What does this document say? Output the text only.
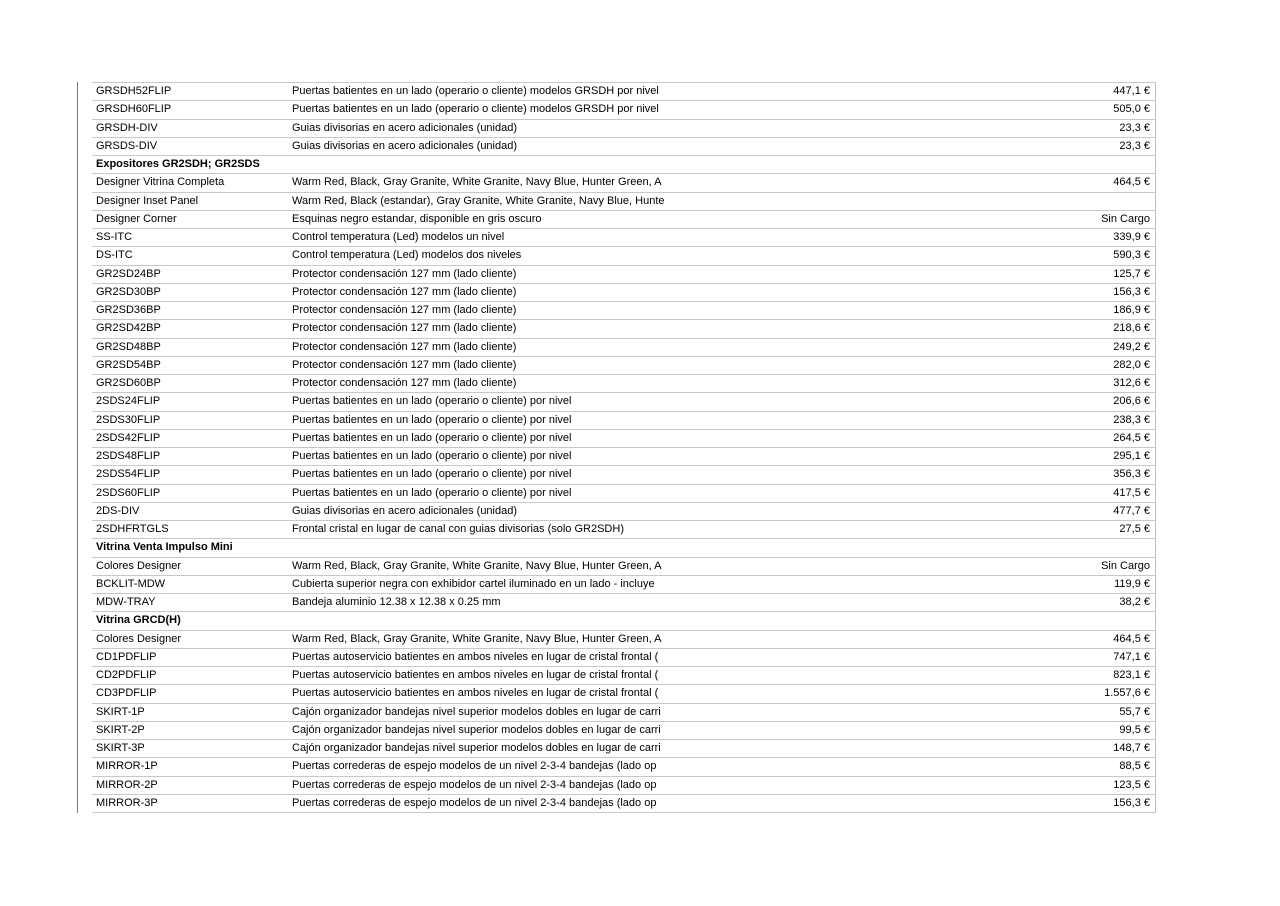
GRSDH52FLIP	Puertas batientes en un lado (operario o cliente) modelos GRSDH por nivel	447,1 €
GRSDH60FLIP	Puertas batientes en un lado (operario o cliente) modelos GRSDH por nivel	505,0 €
GRSDH-DIV	Guias divisorias en acero adicionales (unidad)	23,3 €
GRSDS-DIV	Guias divisorias en acero adicionales (unidad)	23,3 €
Expositores GR2SDH; GR2SDS		
Designer Vitrina Completa	Warm Red, Black, Gray Granite, White Granite, Navy Blue, Hunter Green, A	464,5 €
Designer Inset Panel	Warm Red, Black (estandar), Gray Granite, White Granite, Navy Blue, Hunte	
Designer Corner	Esquinas negro estandar, disponible en gris oscuro	Sin Cargo
SS-ITC	Control temperatura (Led) modelos un nivel	339,9 €
DS-ITC	Control temperatura (Led) modelos dos niveles	590,3 €
GR2SD24BP	Protector condensación 127 mm (lado cliente)	125,7 €
GR2SD30BP	Protector condensación 127 mm (lado cliente)	156,3 €
GR2SD36BP	Protector condensación 127 mm (lado cliente)	186,9 €
GR2SD42BP	Protector condensación 127 mm (lado cliente)	218,6 €
GR2SD48BP	Protector condensación 127 mm (lado cliente)	249,2 €
GR2SD54BP	Protector condensación 127 mm (lado cliente)	282,0 €
GR2SD60BP	Protector condensación 127 mm (lado cliente)	312,6 €
2SDS24FLIP	Puertas batientes en un lado (operario o cliente) por nivel	206,6 €
2SDS30FLIP	Puertas batientes en un lado (operario o cliente) por nivel	238,3 €
2SDS42FLIP	Puertas batientes en un lado (operario o cliente) por nivel	264,5 €
2SDS48FLIP	Puertas batientes en un lado (operario o cliente) por nivel	295,1 €
2SDS54FLIP	Puertas batientes en un lado (operario o cliente) por nivel	356,3 €
2SDS60FLIP	Puertas batientes en un lado (operario o cliente) por nivel	417,5 €
2DS-DIV	Guias divisorias en acero adicionales (unidad)	477,7 €
2SDHFRTGLS	Frontal cristal en lugar de canal con guias divisorias (solo GR2SDH)	27,5 €
Vitrina Venta Impulso Mini		
Colores Designer	Warm Red, Black, Gray Granite, White Granite, Navy Blue, Hunter Green, A	Sin Cargo
BCKLIT-MDW	Cubierta superior negra con exhibidor cartel iluminado en un lado - incluye	119,9 €
MDW-TRAY	Bandeja aluminio 12.38 x 12.38 x 0.25 mm	38,2 €
Vitrina GRCD(H)		
Colores Designer	Warm Red, Black, Gray Granite, White Granite, Navy Blue, Hunter Green, A	464,5 €
CD1PDFLIP	Puertas autoservicio batientes en ambos niveles en lugar de cristal frontal (	747,1 €
CD2PDFLIP	Puertas autoservicio batientes en ambos niveles en lugar de cristal frontal (	823,1 €
CD3PDFLIP	Puertas autoservicio batientes en ambos niveles en lugar de cristal frontal (	1.557,6 €
SKIRT-1P	Cajón organizador bandejas nivel superior modelos dobles en lugar de carri	55,7 €
SKIRT-2P	Cajón organizador bandejas nivel superior modelos dobles en lugar de carri	99,5 €
SKIRT-3P	Cajón organizador bandejas nivel superior modelos dobles en lugar de carri	148,7 €
MIRROR-1P	Puertas correderas de espejo modelos de un nivel 2-3-4 bandejas (lado op	88,5 €
MIRROR-2P	Puertas correderas de espejo modelos de un nivel 2-3-4 bandejas (lado op	123,5 €
MIRROR-3P	Puertas correderas de espejo modelos de un nivel 2-3-4 bandejas (lado op	156,3 €
